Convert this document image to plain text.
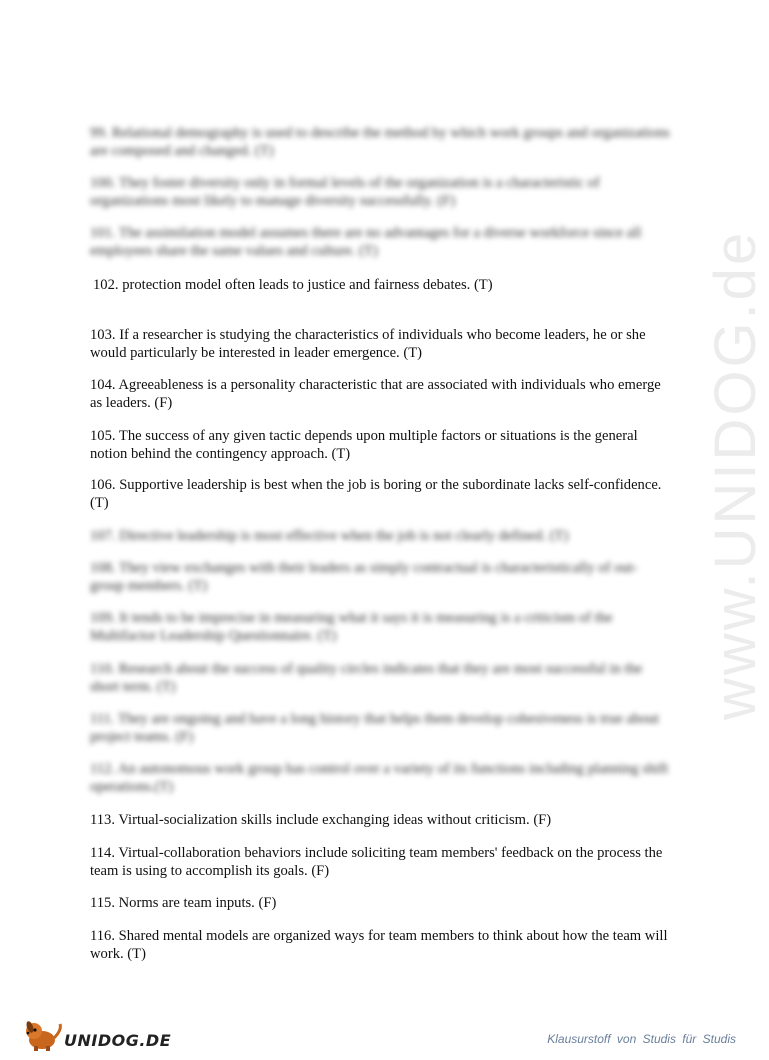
www.UNIDOG.de

99. Relational demography is used to describe the method by which work groups and organizations are composed and changed. (T)

100. They foster diversity only in formal levels of the organization is a characteristic of organizations most likely to manage diversity successfully. (F)

101. The assimilation model assumes there are no advantages for a diverse workforce since all employees share the same values and culture. (T)

102. protection model often leads to justice and fairness debates. (T)

103. If a researcher is studying the characteristics of individuals who become leaders, he or she would particularly be interested in leader emergence. (T)

104. Agreeableness is a personality characteristic that are associated with individuals who emerge as leaders. (F)

105. The success of any given tactic depends upon multiple factors or situations is the general notion behind the contingency approach. (T)

106. Supportive leadership is best when the job is boring or the subordinate lacks self-confidence. (T)

107. Directive leadership is most effective when the job is not clearly defined. (T)

108. They view exchanges with their leaders as simply contractual is characteristically of out-group members. (T)

109. It tends to be imprecise in measuring what it says it is measuring is a criticism of the Multifactor Leadership Questionnaire. (T)

110. Research about the success of quality circles indicates that they are most successful in the short term. (T)

111. They are ongoing and have a long history that helps them develop cohesiveness is true about project teams. (F)

112. An autonomous work group has control over a variety of its functions including planning shift operations.(T)

113. Virtual-socialization skills include exchanging ideas without criticism. (F)

114. Virtual-collaboration behaviors include soliciting team members' feedback on the process the team is using to accomplish its goals. (F)

115. Norms are team inputs. (F)

116. Shared mental models are organized ways for team members to think about how the team will work. (T)

UNIDOG.DE	Klausurstoff von Studis für Studis
